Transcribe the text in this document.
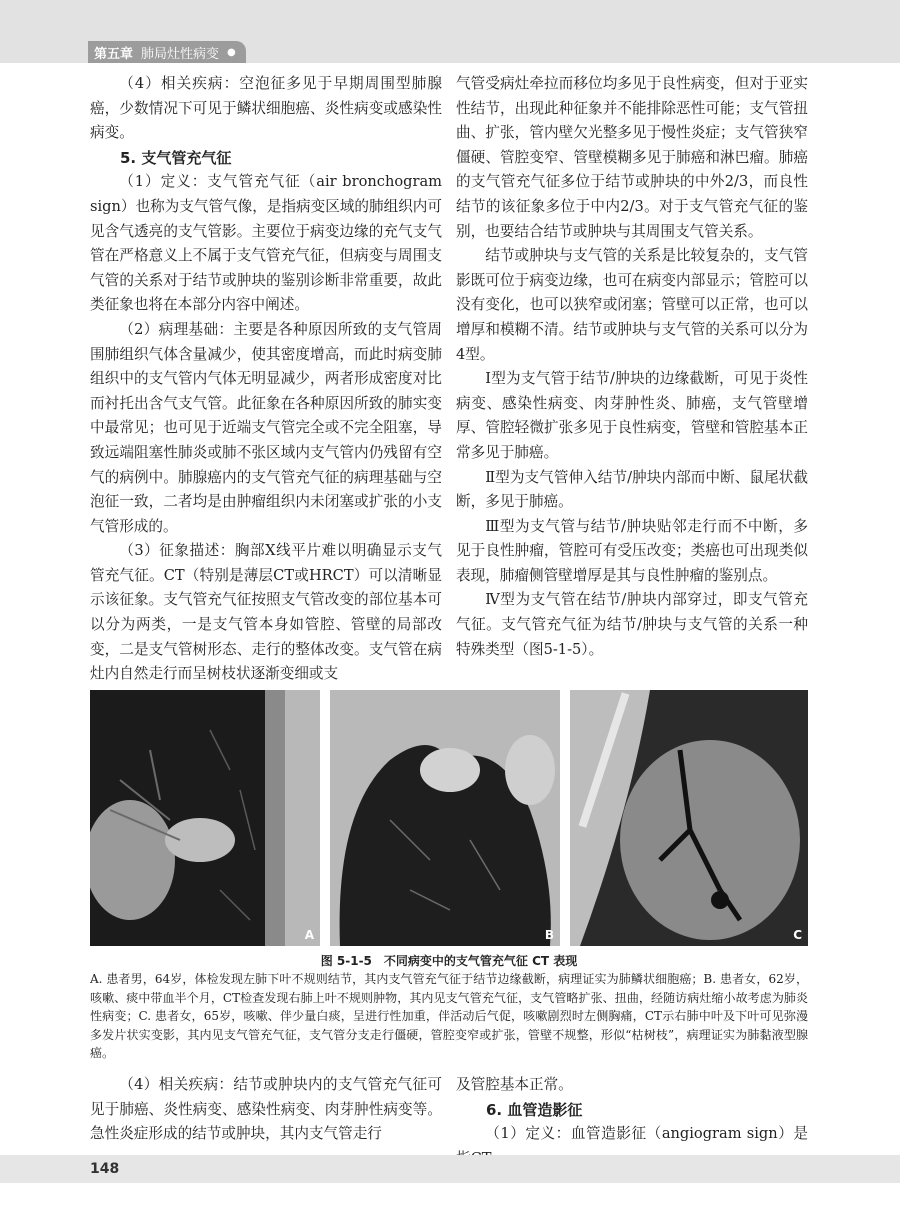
第五章 肺局灶性病变 ●

（4）相关疾病：空泡征多见于早期周围型肺腺癌，少数情况下可见于鳞状细胞癌、炎性病变或感染性病变。

5. 支气管充气征

（1）定义：支气管充气征（air bronchogram sign）也称为支气管气像，是指病变区域的肺组织内可见含气透亮的支气管影。主要位于病变边缘的充气支气管在严格意义上不属于支气管充气征，但病变与周围支气管的关系对于结节或肿块的鉴别诊断非常重要，故此类征象也将在本部分内容中阐述。

（2）病理基础：主要是各种原因所致的支气管周围肺组织气体含量减少，使其密度增高，而此时病变肺组织中的支气管内气体无明显减少，两者形成密度对比而衬托出含气支气管。此征象在各种原因所致的肺实变中最常见；也可见于近端支气管完全或不完全阻塞，导致远端阻塞性肺炎或肺不张区域内支气管内仍残留有空气的病例中。肺腺癌内的支气管充气征的病理基础与空泡征一致，二者均是由肿瘤组织内未闭塞或扩张的小支气管形成的。

（3）征象描述：胸部X线平片难以明确显示支气管充气征。CT（特别是薄层CT或HRCT）可以清晰显示该征象。支气管充气征按照支气管改变的部位基本可以分为两类，一是支气管本身如管腔、管壁的局部改变，二是支气管树形态、走行的整体改变。支气管在病灶内自然走行而呈树枝状逐渐变细或支

气管受病灶牵拉而移位均多见于良性病变，但对于亚实性结节，出现此种征象并不能排除恶性可能；支气管扭曲、扩张，管内壁欠光整多见于慢性炎症；支气管狭窄僵硬、管腔变窄、管壁模糊多见于肺癌和淋巴瘤。肺癌的支气管充气征多位于结节或肿块的中外2/3，而良性结节的该征象多位于中内2/3。对于支气管充气征的鉴别，也要结合结节或肿块与其周围支气管关系。

结节或肿块与支气管的关系是比较复杂的，支气管影既可位于病变边缘，也可在病变内部显示；管腔可以没有变化，也可以狭窄或闭塞；管壁可以正常，也可以增厚和模糊不清。结节或肿块与支气管的关系可以分为4型。

Ⅰ型为支气管于结节/肿块的边缘截断，可见于炎性病变、感染性病变、肉芽肿性炎、肺癌，支气管壁增厚、管腔轻微扩张多见于良性病变，管壁和管腔基本正常多见于肺癌。

Ⅱ型为支气管伸入结节/肿块内部而中断、鼠尾状截断，多见于肺癌。

Ⅲ型为支气管与结节/肿块贴邻走行而不中断，多见于良性肿瘤，管腔可有受压改变；类癌也可出现类似表现，肺瘤侧管壁增厚是其与良性肿瘤的鉴别点。

Ⅳ型为支气管在结节/肿块内部穿过，即支气管充气征。支气管充气征为结节/肿块与支气管的关系一种特殊类型（图5-1-5）。

A	B	C
图 5-1-5　不同病变中的支气管充气征 CT 表现
A. 患者男，64岁，体检发现左肺下叶不规则结节，其内支气管充气征于结节边缘截断，病理证实为肺鳞状细胞癌；B. 患者女，62岁，咳嗽、痰中带血半个月，CT检查发现右肺上叶不规则肿物，其内见支气管充气征，支气管略扩张、扭曲，经随访病灶缩小故考虑为肺炎性病变；C. 患者女，65岁，咳嗽、伴少量白痰，呈进行性加重，伴活动后气促，咳嗽剧烈时左侧胸痛，CT示右肺中叶及下叶可见弥漫多发片状实变影，其内见支气管充气征，支气管分支走行僵硬，管腔变窄或扩张，管壁不规整，形似“枯树枝”，病理证实为肺黏液型腺癌。

（4）相关疾病：结节或肿块内的支气管充气征可见于肺癌、炎性病变、感染性病变、肉芽肿性病变等。急性炎症形成的结节或肿块，其内支气管走行

及管腔基本正常。

6. 血管造影征

（1）定义：血管造影征（angiogram sign）是

148
